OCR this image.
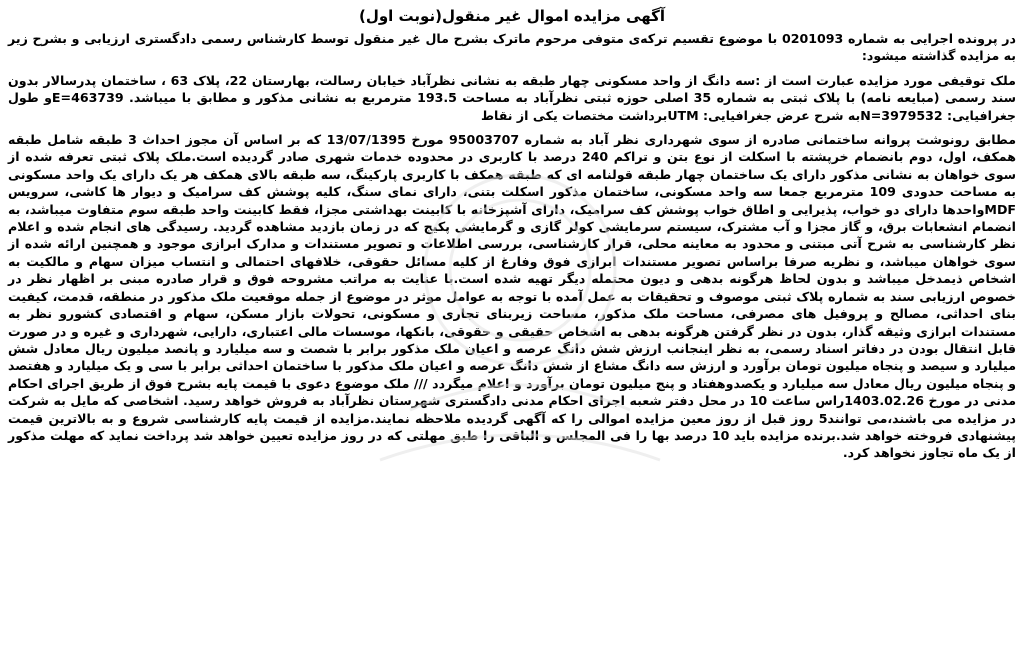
آگهی مزایده اموال غیر منقول(نوبت اول)

در پرونده اجرایی به شماره 0201093 با موضوع تقسیم ترکه‌ی متوفی مرحوم ماترک بشرح مال غیر منقول توسط کارشناس رسمی دادگستری ارزیابی و بشرح زیر به مزایده گذاشته میشود:

ملک توقیفی مورد مزایده عبارت است از :سه دانگ از واحد مسکونی چهار طبقه به نشانی نظرآباد خیابان رسالت، بهارستان 22، پلاک 63 ، ساختمان پدرسالار بدون سند رسمی (مبایعه نامه) با پلاک ثبتی به شماره 35 اصلی حوزه ثبتی نظرآباد به مساحت 193.5 مترمربع به نشانی مذکور و مطابق با میباشد. E=463739و طول جغرافیایی: N=3979532به شرح عرض جغرافیایی: UTMبرداشت مختصات یکی از نقاط

مطابق رونوشت پروانه ساختمانی صادره از سوی شهرداری نظر آباد به شماره 95003707 مورخ 13/07/1395 که بر اساس آن مجوز احداث 3 طبقه شامل طبقه همکف، اول، دوم بانضمام خرپشته با اسکلت از نوع بتن و تراکم 240 درصد با کاربری در محدوده خدمات شهری صادر گردیده است.ملک پلاک ثبتی تعرفه شده از سوی خواهان به نشانی مذکور دارای یک ساختمان چهار طبقه قولنامه ای که طبقه همکف با کاربری پارکینگ، سه طبقه بالای همکف هر یک دارای یک واحد مسکونی به مساحت حدودی 109 مترمربع جمعا سه واحد مسکونی، ساختمان مذکور اسکلت بتنی، دارای نمای سنگ، کلیه پوشش کف سرامیک و دیوار ها کاشی، سرویس MDFواحدها دارای دو خواب، پذیرایی و اطاق خواب پوشش کف سرامیک، دارای آشپزخانه با کابینت بهداشتی مجزا، فقط کابینت واحد طبقه سوم متفاوت میباشد، به انضمام انشعابات برق، و گاز مجزا و آب مشترک، سیستم سرمایشی کولر گازی و گرمایشی پکیج که در زمان بازدید مشاهده گردید. رسیدگی های انجام شده و اعلام نظر کارشناسی به شرح آتی مبتنی و محدود به معاینه محلی، قرار کارشناسی، بررسی اطلاعات و تصویر مستندات و مدارک ابرازی موجود و همچنین ارائه شده از سوی خواهان میباشد، و نظریه صرفا براساس تصویر مستندات ابرازی فوق وفارغ از کلیه مسائل حقوقی، خلافهای احتمالی و انتساب میزان سهام و مالکیت به اشخاص ذیمدخل میباشد و بدون لحاظ هرگونه بدهی و دیون محتمله دیگر تهیه شده است.با عنایت به مراتب مشروحه فوق و قرار صادره مبنی بر اظهار نظر در خصوص ارزیابی سند به شماره پلاک ثبتی موصوف و تحقیقات به عمل آمده با توجه به عوامل موثر در موضوع از جمله موقعیت ملک مذکور در منطقه، قدمت، کیفیت بنای احداثی، مصالح و پروفیل های مصرفی، مساحت ملک مذکور، مساحت زیربنای تجاری و مسکونی، تحولات بازار مسکن، سهام و اقتصادی کشورو نظر به مستندات ابرازی وثیقه گذار، بدون در نظر گرفتن هرگونه بدهی به اشخاص حقیقی و حقوقی، بانکها، موسسات مالی اعتباری، دارایی، شهرداری و غیره و در صورت قابل انتقال بودن در دفاتر اسناد رسمی، به نظر اینجانب ارزش شش دانگ عرصه و اعیان ملک مذکور برابر با شصت و سه میلیارد و پانصد میلیون ریال معادل شش میلیارد و سیصد و پنجاه میلیون تومان برآورد و ارزش سه دانگ مشاع از شش دانگ عرصه و اعیان ملک مذکور با ساختمان احداثی برابر با سی و یک میلیارد و هفتصد و پنجاه میلیون ریال معادل سه میلیارد و یکصدوهفتاد و پنج میلیون تومان برآورد و اعلام میگردد /// ملک موضوع دعوی با قیمت پایه بشرح فوق از طریق اجرای احکام مدنی در مورخ 1403.02.26راس ساعت 10 در محل دفتر شعبه اجرای احکام مدنی دادگستری شهرستان نظرآباد به فروش خواهد رسید. اشخاصی که مایل به شرکت در مزایده می باشند،می توانند5 روز قبل از روز معین مزایده اموالی را که آگهی گردیده ملاحظه نمایند.مزایده از قیمت پایه کارشناسی شروع و به بالاترین قیمت پیشنهادی فروخته خواهد شد.برنده مزایده باید 10 درصد بها را فی المجلس و الباقی را طبق مهلتی که در روز مزایده تعیین خواهد شد پرداخت نماید که مهلت مذکور از یک ماه تجاوز نخواهد کرد.
